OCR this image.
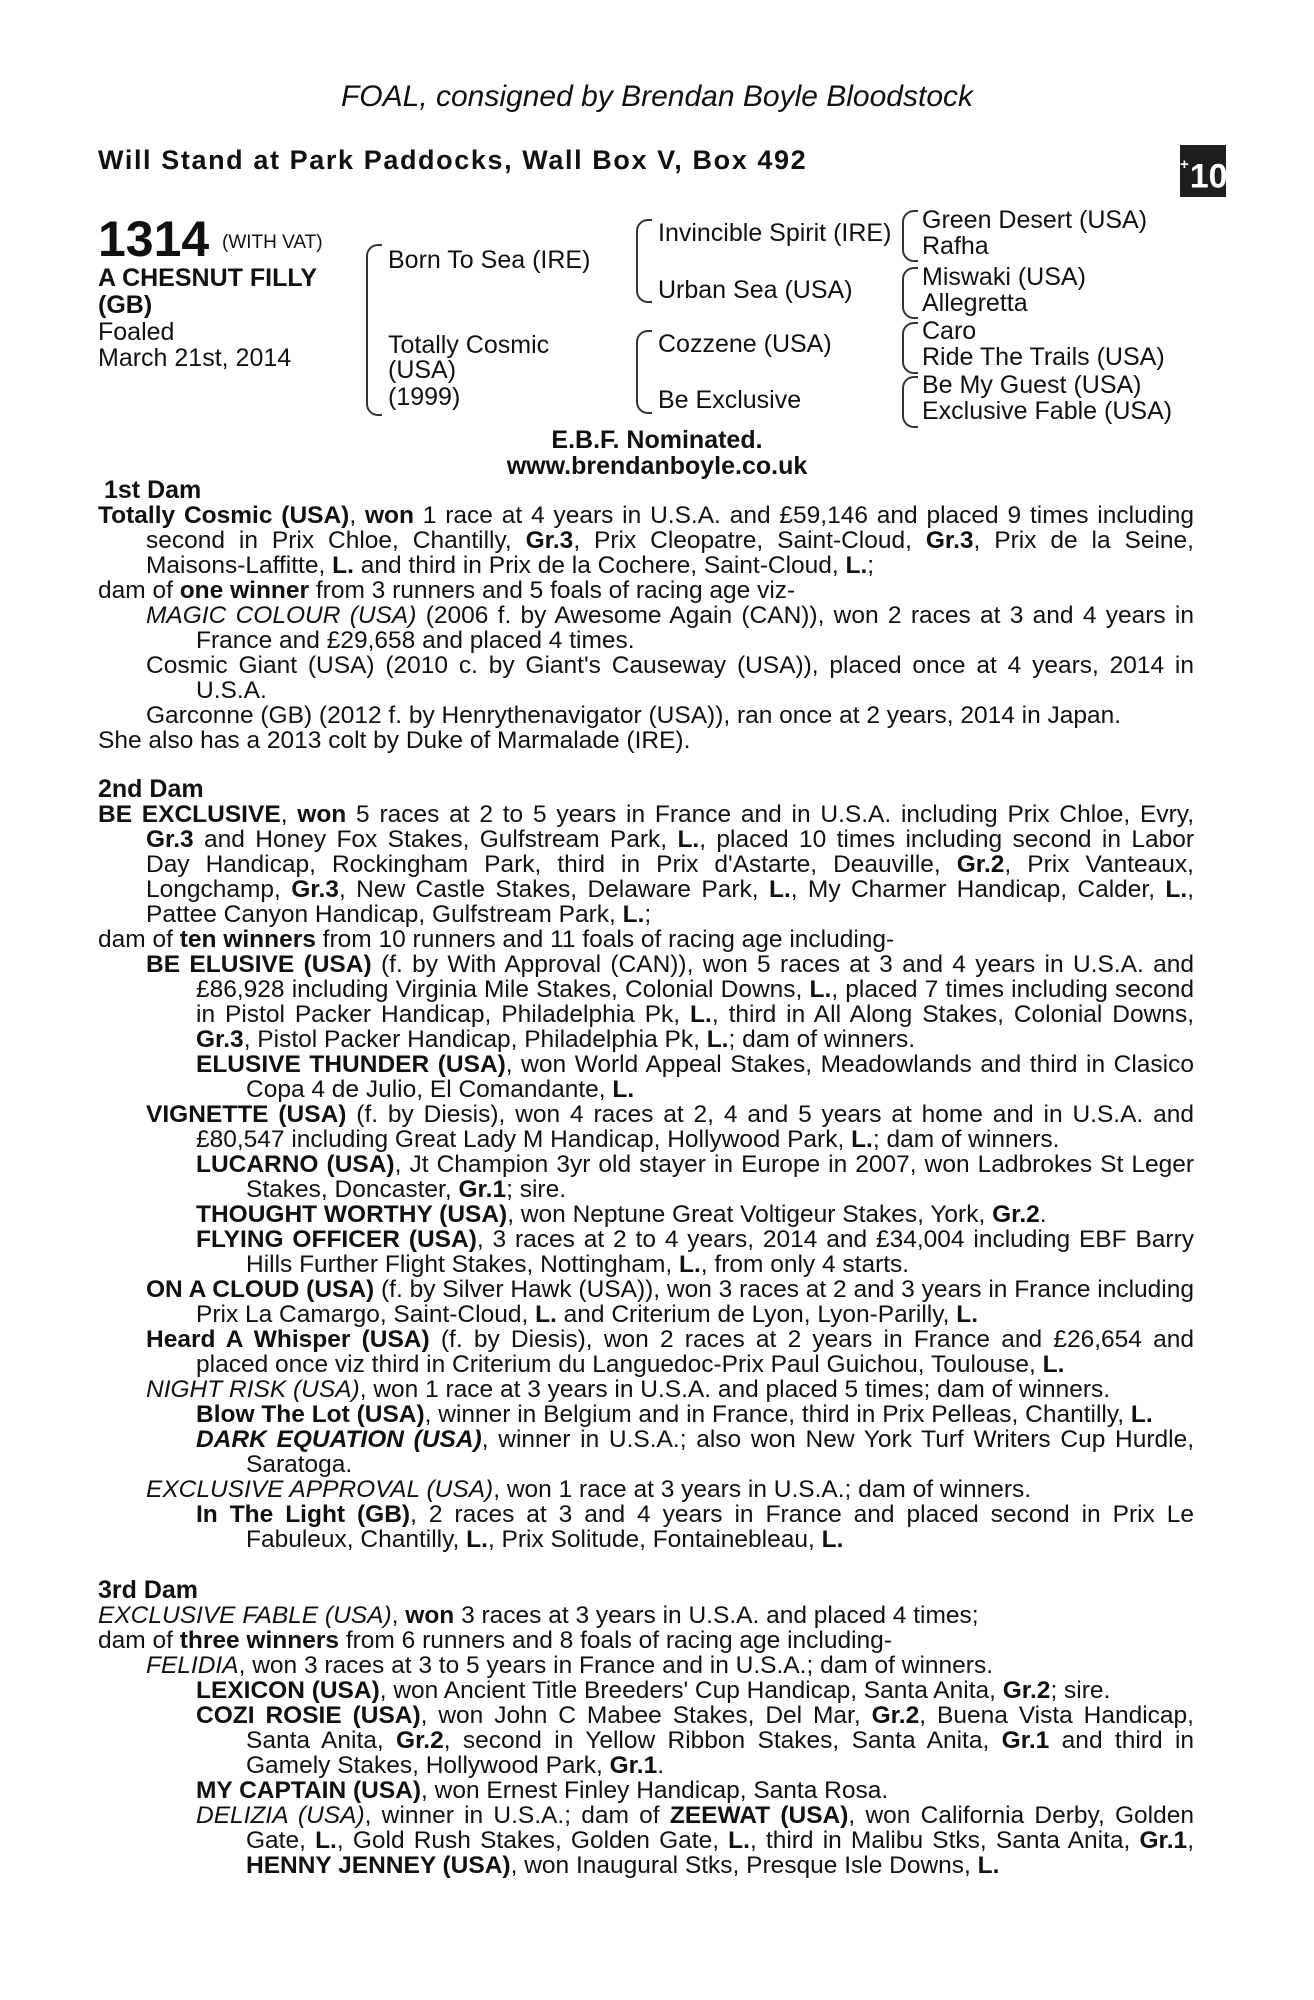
FOAL, consigned by Brendan Boyle Bloodstock
Will Stand at Park Paddocks, Wall Box V, Box 492	+10
1314 (WITH VAT)
A CHESNUT FILLY
(GB)
Foaled
March 21st, 2014
Born To Sea (IRE)
Totally Cosmic
(USA)
(1999)
Invincible Spirit (IRE)
Urban Sea (USA)
Cozzene (USA)
Be Exclusive
Green Desert (USA)
Rafha
Miswaki (USA)
Allegretta
Caro
Ride The Trails (USA)
Be My Guest (USA)
Exclusive Fable (USA)
E.B.F. Nominated.
www.brendanboyle.co.uk

1st Dam

Totally Cosmic (USA), won 1 race at 4 years in U.S.A. and £59,146 and placed 9 times including second in Prix Chloe, Chantilly, Gr.3, Prix Cleopatre, Saint-Cloud, Gr.3, Prix de la Seine, Maisons-Laffitte, L. and third in Prix de la Cochere, Saint-Cloud, L.;

dam of one winner from 3 runners and 5 foals of racing age viz-

MAGIC COLOUR (USA) (2006 f. by Awesome Again (CAN)), won 2 races at 3 and 4 years in France and £29,658 and placed 4 times.

Cosmic Giant (USA) (2010 c. by Giant's Causeway (USA)), placed once at 4 years, 2014 in U.S.A.

Garconne (GB) (2012 f. by Henrythenavigator (USA)), ran once at 2 years, 2014 in Japan.

She also has a 2013 colt by Duke of Marmalade (IRE).

2nd Dam

BE EXCLUSIVE, won 5 races at 2 to 5 years in France and in U.S.A. including Prix Chloe, Evry, Gr.3 and Honey Fox Stakes, Gulfstream Park, L., placed 10 times including second in Labor Day Handicap, Rockingham Park, third in Prix d'Astarte, Deauville, Gr.2, Prix Vanteaux, Longchamp, Gr.3, New Castle Stakes, Delaware Park, L., My Charmer Handicap, Calder, L., Pattee Canyon Handicap, Gulfstream Park, L.;

dam of ten winners from 10 runners and 11 foals of racing age including-

BE ELUSIVE (USA) (f. by With Approval (CAN)), won 5 races at 3 and 4 years in U.S.A. and £86,928 including Virginia Mile Stakes, Colonial Downs, L., placed 7 times including second in Pistol Packer Handicap, Philadelphia Pk, L., third in All Along Stakes, Colonial Downs, Gr.3, Pistol Packer Handicap, Philadelphia Pk, L.; dam of winners.

ELUSIVE THUNDER (USA), won World Appeal Stakes, Meadowlands and third in Clasico Copa 4 de Julio, El Comandante, L.

VIGNETTE (USA) (f. by Diesis), won 4 races at 2, 4 and 5 years at home and in U.S.A. and £80,547 including Great Lady M Handicap, Hollywood Park, L.; dam of winners.

LUCARNO (USA), Jt Champion 3yr old stayer in Europe in 2007, won Ladbrokes St Leger Stakes, Doncaster, Gr.1; sire.

THOUGHT WORTHY (USA), won Neptune Great Voltigeur Stakes, York, Gr.2.

FLYING OFFICER (USA), 3 races at 2 to 4 years, 2014 and £34,004 including EBF Barry Hills Further Flight Stakes, Nottingham, L., from only 4 starts.

ON A CLOUD (USA) (f. by Silver Hawk (USA)), won 3 races at 2 and 3 years in France including Prix La Camargo, Saint-Cloud, L. and Criterium de Lyon, Lyon-Parilly, L.

Heard A Whisper (USA) (f. by Diesis), won 2 races at 2 years in France and £26,654 and placed once viz third in Criterium du Languedoc-Prix Paul Guichou, Toulouse, L.

NIGHT RISK (USA), won 1 race at 3 years in U.S.A. and placed 5 times; dam of winners.

Blow The Lot (USA), winner in Belgium and in France, third in Prix Pelleas, Chantilly, L.

DARK EQUATION (USA), winner in U.S.A.; also won New York Turf Writers Cup Hurdle, Saratoga.

EXCLUSIVE APPROVAL (USA), won 1 race at 3 years in U.S.A.; dam of winners.

In The Light (GB), 2 races at 3 and 4 years in France and placed second in Prix Le Fabuleux, Chantilly, L., Prix Solitude, Fontainebleau, L.

3rd Dam

EXCLUSIVE FABLE (USA), won 3 races at 3 years in U.S.A. and placed 4 times;

dam of three winners from 6 runners and 8 foals of racing age including-

FELIDIA, won 3 races at 3 to 5 years in France and in U.S.A.; dam of winners.

LEXICON (USA), won Ancient Title Breeders' Cup Handicap, Santa Anita, Gr.2; sire.

COZI ROSIE (USA), won John C Mabee Stakes, Del Mar, Gr.2, Buena Vista Handicap, Santa Anita, Gr.2, second in Yellow Ribbon Stakes, Santa Anita, Gr.1 and third in Gamely Stakes, Hollywood Park, Gr.1.

MY CAPTAIN (USA), won Ernest Finley Handicap, Santa Rosa.

DELIZIA (USA), winner in U.S.A.; dam of ZEEWAT (USA), won California Derby, Golden Gate, L., Gold Rush Stakes, Golden Gate, L., third in Malibu Stks, Santa Anita, Gr.1, HENNY JENNEY (USA), won Inaugural Stks, Presque Isle Downs, L.
